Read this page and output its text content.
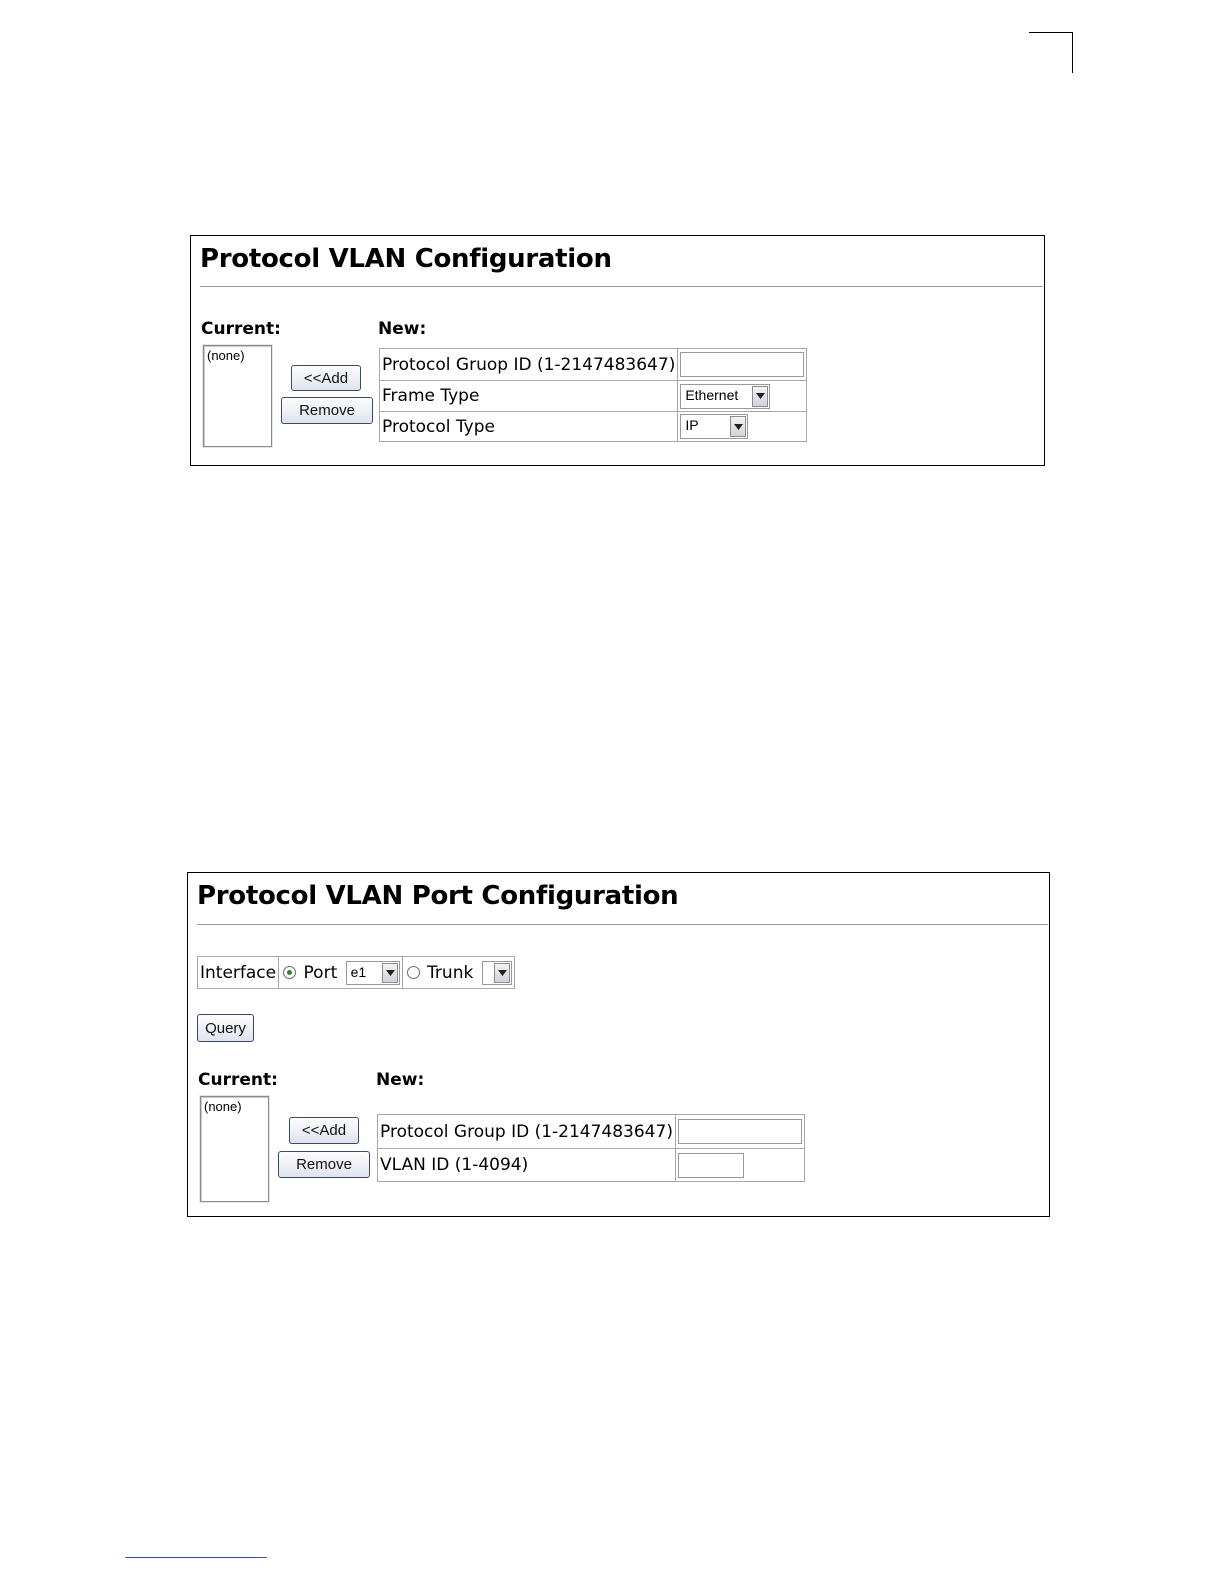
Protocol VLAN Configuration
Current:	New:
(none)
<<Add
Remove
Protocol Gruop ID (1-2147483647)	
Frame Type	Ethernet

Protocol Type	IP
Protocol VLAN Port Configuration
Interface	Port e1	Trunk
Query
Current:	New:
(none)
<<Add
Remove
Protocol Group ID (1-2147483647)	
VLAN ID (1-4094)	
